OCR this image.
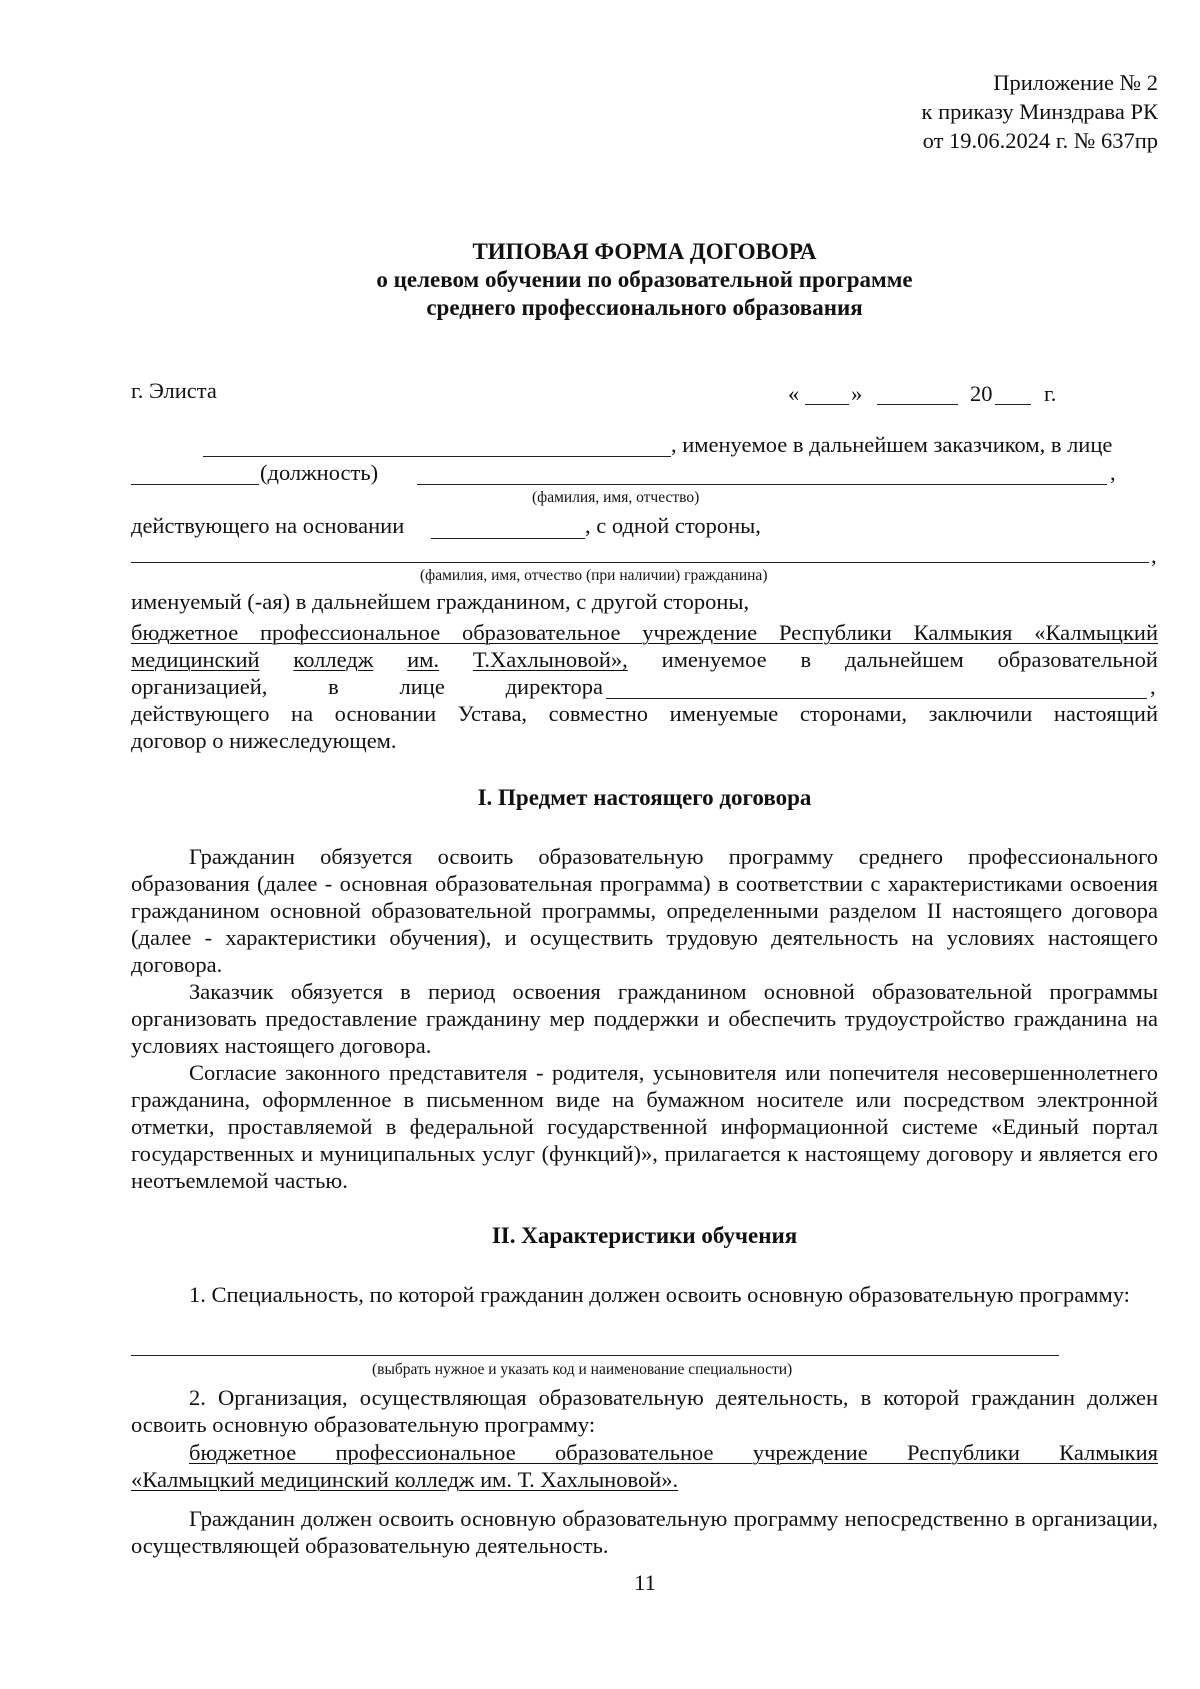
Приложение № 2
к приказу Минздрава РК
от 19.06.2024 г. № 637пр
ТИПОВАЯ ФОРМА ДОГОВОРА
о целевом обучении по образовательной программе
среднего профессионального образования
г. Элиста	« »	20 г.
, именуемое в дальнейшем заказчиком, в лице
(должность)	,
(фамилия, имя, отчество)
действующего на основании	, с одной стороны,
,
(фамилия, имя, отчество (при наличии) гражданина)
именуемый (-ая) в дальнейшем гражданином, с другой стороны,
бюджетное профессиональное образовательное учреждение Республики Калмыкия «Калмыцкий
медицинский колледж им. Т.Хахлыновой», именуемое в дальнейшем образовательной
организацией,	в	лице	директора	,
действующего на основании Устава, совместно именуемые сторонами, заключили настоящий
договор о нижеследующем.
I. Предмет настоящего договора
Гражданин обязуется освоить образовательную программу среднего профессионального образования (далее - основная образовательная программа) в соответствии с характеристиками освоения гражданином основной образовательной программы, определенными разделом II настоящего договора (далее - характеристики обучения), и осуществить трудовую деятельность на условиях настоящего договора.
Заказчик обязуется в период освоения гражданином основной образовательной программы организовать предоставление гражданину мер поддержки и обеспечить трудоустройство гражданина на условиях настоящего договора.
Согласие законного представителя - родителя, усыновителя или попечителя несовершеннолетнего гражданина, оформленное в письменном виде на бумажном носителе или посредством электронной отметки, проставляемой в федеральной государственной информационной системе «Единый портал государственных и муниципальных услуг (функций)», прилагается к настоящему договору и является его неотъемлемой частью.
II. Характеристики обучения
1. Специальность, по которой гражданин должен освоить основную образовательную программу:
(выбрать нужное и указать код и наименование специальности)
2. Организация, осуществляющая образовательную деятельность, в которой гражданин должен освоить основную образовательную программу:
бюджетное профессиональное образовательное учреждение Республики Калмыкия
«Калмыцкий медицинский колледж им. Т. Хахлыновой».
Гражданин должен освоить основную образовательную программу непосредственно в организации, осуществляющей образовательную деятельность.
11
